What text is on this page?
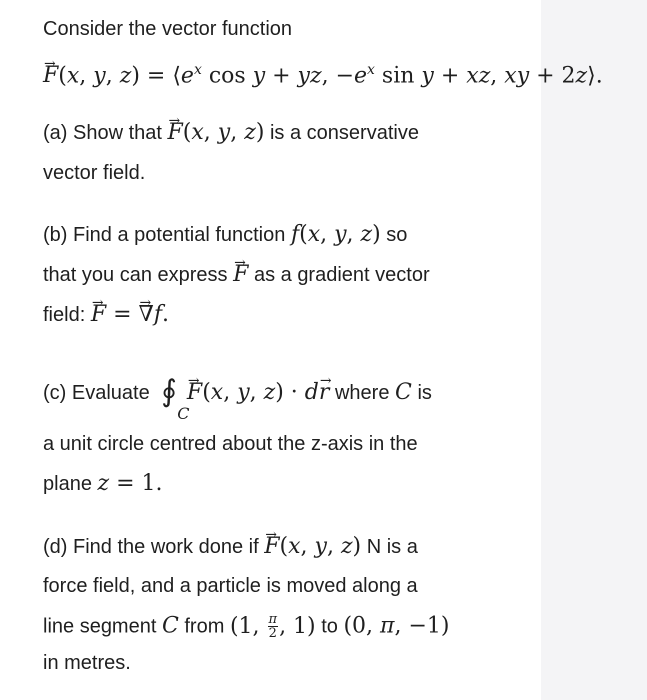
Consider the vector function
→ F(x, y, $z) = ⟨e^x$ cos y + yz, $-e^x$ sin y + xz, xy + 2z⟩.
(a) Show that → F(x, y, z) is a conservative
vector field.
(b) Find a potential function f(x, y, z) so
that you can express → F as a gradient vector
field: → F = → ∇f.
(c) Evaluate ∮
C
→ F(x, y, z) · d→ r where C is
a unit circle centred about the z-axis in the
plane z = 1.
(d) Find the work done if → F(x, y, z) N is a
force field, and a particle is moved along a
line segment C from (1, $\frac{\pi}{2}$ , 1) to (0, π, −1)
in metres.
